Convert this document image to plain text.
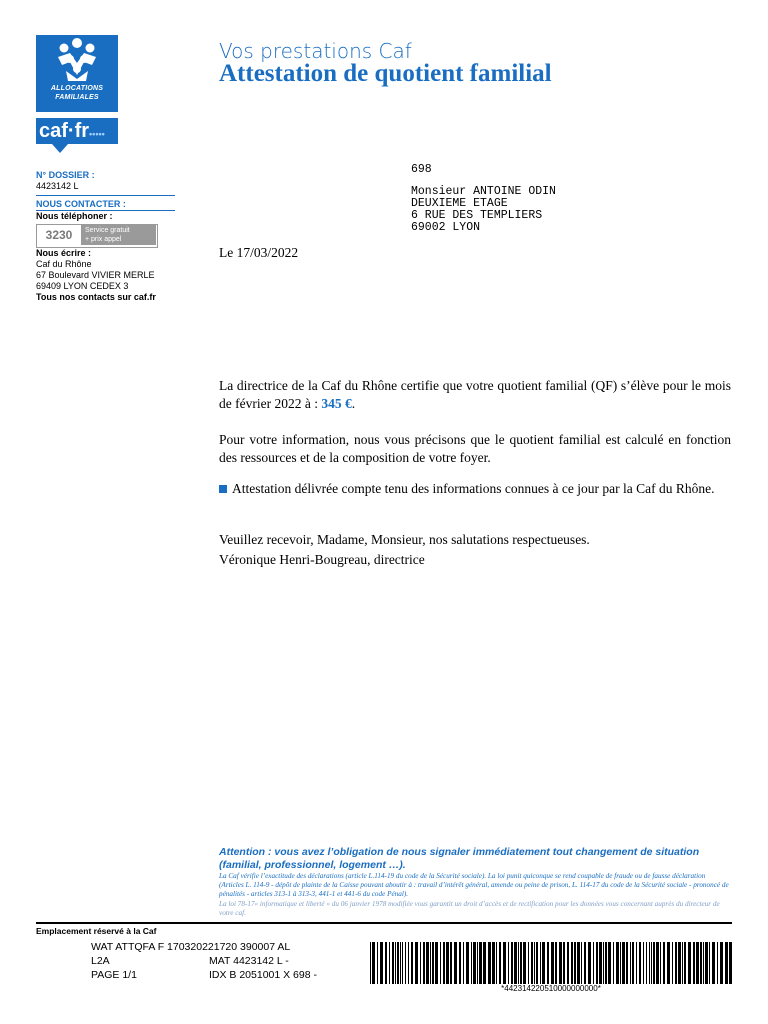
ALLOCATIONS
FAMILIALES
caf·fr•••••
Vos prestations Caf
Attestation de quotient familial
N° DOSSIER :
4423142 L
NOUS CONTACTER :
Nous téléphoner :
3230	Service gratuit
+ prix appel
Nous écrire :
Caf du Rhône
67 Boulevard VIVIER MERLE
69409 LYON CEDEX 3
Tous nos contacts sur caf.fr
698
Monsieur ANTOINE ODIN
DEUXIEME ETAGE
6 RUE DES TEMPLIERS
69002 LYON
Le 17/03/2022
La directrice de la Caf du Rhône certifie que votre quotient familial (QF) s’élève pour le mois de février 2022 à : 345 €.
Pour votre information, nous vous précisons que le quotient familial est calculé en fonction des ressources et de la composition de votre foyer.
Attestation délivrée compte tenu des informations connues à ce jour par la Caf du Rhône.
Veuillez recevoir, Madame, Monsieur, nos salutations respectueuses.
Véronique Henri-Bougreau, directrice
Attention : vous avez l’obligation de nous signaler immédiatement tout changement de situation (familial, professionnel, logement …).
La Caf vérifie l’exactitude des déclarations (article L.114-19 du code de la Sécurité sociale). La loi punit quiconque se rend coupable de fraude ou de fausse déclaration (Articles L. 114-9 - dépôt de plainte de la Caisse pouvant aboutir à : travail d’intérêt général, amende ou peine de prison, L. 114-17 du code de la Sécurité sociale - prononcé de pénalités - articles 313-1 à 313-3, 441-1 et 441-6 du code Pénal).
La loi 78-17« informatique et liberté » du 06 janvier 1978 modifiée vous garantit un droit d’accès et de rectification pour les données vous concernant auprès du directeur de votre caf.
Emplacement réservé à la Caf
WAT ATTQFA F 170320221720 390007 AL
L2A	MAT 4423142 L -
PAGE 1/1	IDX B 2051001 X 698 -
*442314220510000000000*
